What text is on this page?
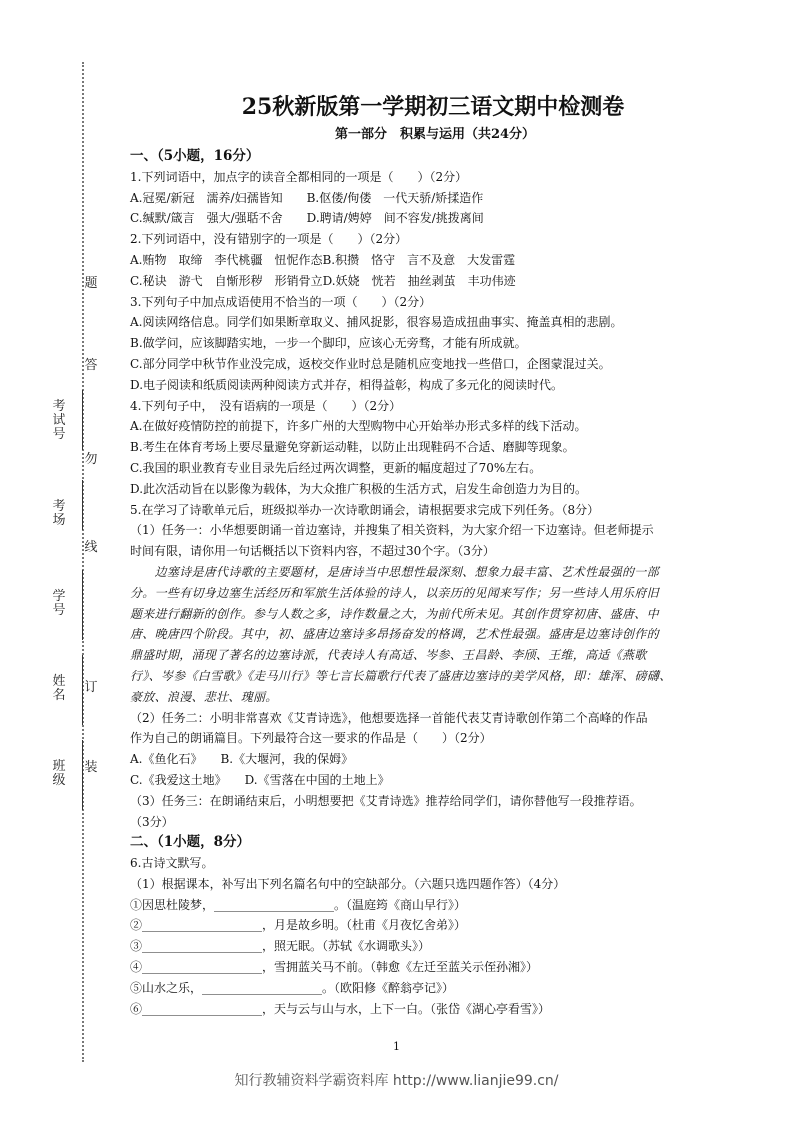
题
答
勿
线
订
装
考试号
考场
学号
姓名
班级
25秋新版第一学期初三语文期中检测卷
第一部分　积累与运用（共24分）

一、（5小题，16分）

1.下列词语中，加点字的读音全都相同的一项是（　　）（2分）

A.冠冕/新冠　濡养/妇孺皆知　　B.伛偻/佝偻　一代天骄/矫揉造作

C.缄默/箴言　强大/强聒不舍　　D.聘请/娉婷　间不容发/挑拨离间

2.下列词语中，没有错别字的一项是（　　）（2分）

A.贿物　取缔　李代桃疆　忸怩作态B.积攒　恪守　言不及意　大发雷霆

C.秘诀　游弋　自惭形秽　形销骨立D.妖娆　恍若　抽丝剥茧　丰功伟迹

3.下列句子中加点成语使用不恰当的一项（　　）（2分）

A.阅读网络信息。同学们如果断章取义、捕风捉影，很容易造成扭曲事实、掩盖真相的悲剧。

B.做学问，应该脚踏实地，一步一个脚印，应该心无旁骛，才能有所成就。

C.部分同学中秋节作业没完成，返校交作业时总是随机应变地找一些借口，企图蒙混过关。

D.电子阅读和纸质阅读两种阅读方式并存，相得益彰，构成了多元化的阅读时代。

4.下列句子中，　没有语病的一项是（　　）（2分）

A.在做好疫情防控的前提下，许多广州的大型购物中心开始举办形式多样的线下活动。

B.考生在体育考场上要尽量避免穿新运动鞋，以防止出现鞋码不合适、磨脚等现象。

C.我国的职业教育专业目录先后经过两次调整，更新的幅度超过了70%左右。

D.此次活动旨在以影像为载体，为大众推广积极的生活方式，启发生命创造力为目的。

5.在学习了诗歌单元后，班级拟举办一次诗歌朗诵会，请根据要求完成下列任务。（8分）

（1）任务一：小华想要朗诵一首边塞诗，并搜集了相关资料，为大家介绍一下边塞诗。但老师提示

时间有限，请你用一句话概括以下资料内容，不超过30个字。（3分）

　　边塞诗是唐代诗歌的主要题材，是唐诗当中思想性最深刻、想象力最丰富、艺术性最强的一部

分。一些有切身边塞生活经历和军旅生活体验的诗人，以亲历的见闻来写作；另一些诗人用乐府旧

题来进行翻新的创作。参与人数之多，诗作数量之大，为前代所未见。其创作贯穿初唐、盛唐、中

唐、晚唐四个阶段。其中，初、盛唐边塞诗多昂扬奋发的格调，艺术性最强。盛唐是边塞诗创作的

鼎盛时期，涌现了著名的边塞诗派，代表诗人有高适、岑参、王昌龄、李颀、王维，高适《燕歌

行》、岑参《白雪歌》《走马川行》等七言长篇歌行代表了盛唐边塞诗的美学风格，即：雄浑、磅礴、

豪放、浪漫、悲壮、瑰丽。

（2）任务二：小明非常喜欢《艾青诗选》，他想要选择一首能代表艾青诗歌创作第二个高峰的作品

作为自己的朗诵篇目。下列最符合这一要求的作品是（　　）（2分）

A.《鱼化石》　　B.《大堰河，我的保姆》

C.《我爱这土地》　　D.《雪落在中国的土地上》

（3）任务三：在朗诵结束后，小明想要把《艾青诗选》推荐给同学们，请你替他写一段推荐语。

（3分）

二、（1小题，8分）

6.古诗文默写。

（1）根据课本，补写出下列名篇名句中的空缺部分。（六题只选四题作答）（4分）

①因思杜陵梦，____________________。（温庭筠《商山早行》）

②____________________，月是故乡明。（杜甫《月夜忆舍弟》）

③____________________，照无眠。（苏轼《水调歌头》）

④____________________，雪拥蓝关马不前。（韩愈《左迁至蓝关示侄孙湘》）

⑤山水之乐，____________________。（欧阳修《醉翁亭记》）

⑥____________________，天与云与山与水，上下一白。（张岱《湖心亭看雪》）

1
知行教辅资料学霸资料库 http://www.lianjie99.cn/
